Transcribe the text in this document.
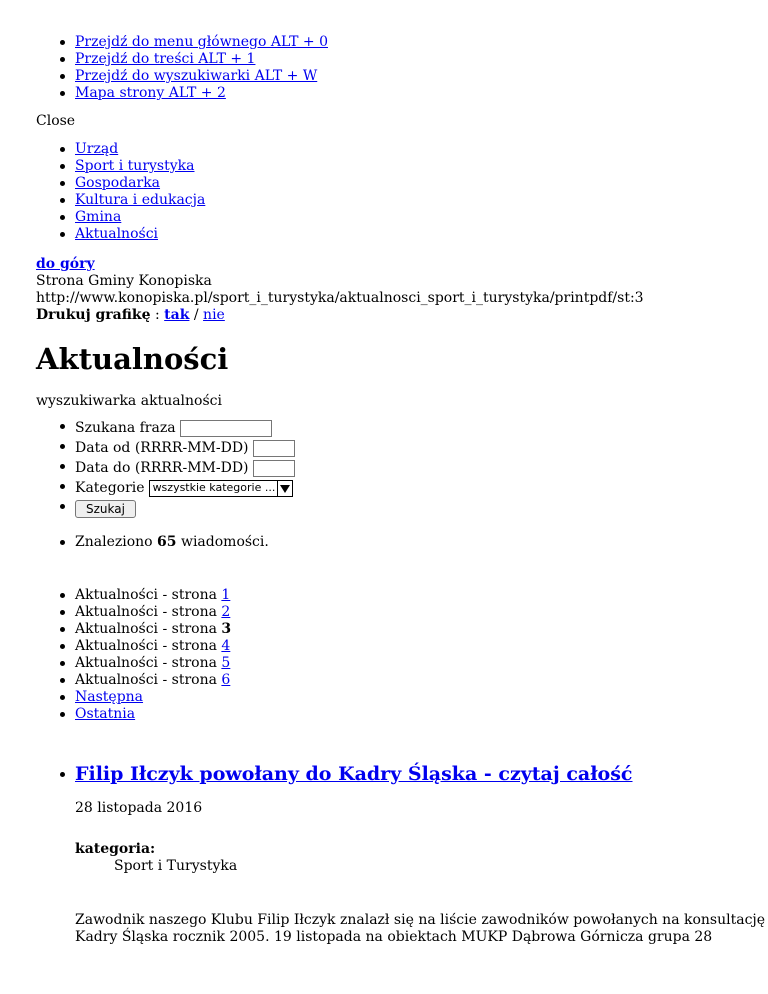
Przejdź do menu głównego ALT + 0
Przejdź do treści ALT + 1
Przejdź do wyszukiwarki ALT + W
Mapa strony ALT + 2
Close
Urząd
Sport i turystyka
Gospodarka
Kultura i edukacja
Gmina
Aktualności
do góry
Strona Gminy Konopiska
http://www.konopiska.pl/sport_i_turystyka/aktualnosci_sport_i_turystyka/printpdf/st:3
Drukuj grafikę : tak / nie
Aktualności
wyszukiwarka aktualności
Szukana fraza
Data od (RRRR-MM-DD)
Data do (RRRR-MM-DD)
Kategorie wszystkie kategorie ...
Szukaj
Znaleziono 65 wiadomości.
Aktualności - strona 1
Aktualności - strona 2
Aktualności - strona 3
Aktualności - strona 4
Aktualności - strona 5
Aktualności - strona 6
Następna
Ostatnia
Filip Iłczyk powołany do Kadry Śląska - czytaj całość
28 listopada 2016
kategoria:
Sport i Turystyka
Zawodnik naszego Klubu Filip Iłczyk znalazł się na liście zawodników powołanych na konsultację
Kadry Śląska rocznik 2005. 19 listopada na obiektach MUKP Dąbrowa Górnicza grupa 28
